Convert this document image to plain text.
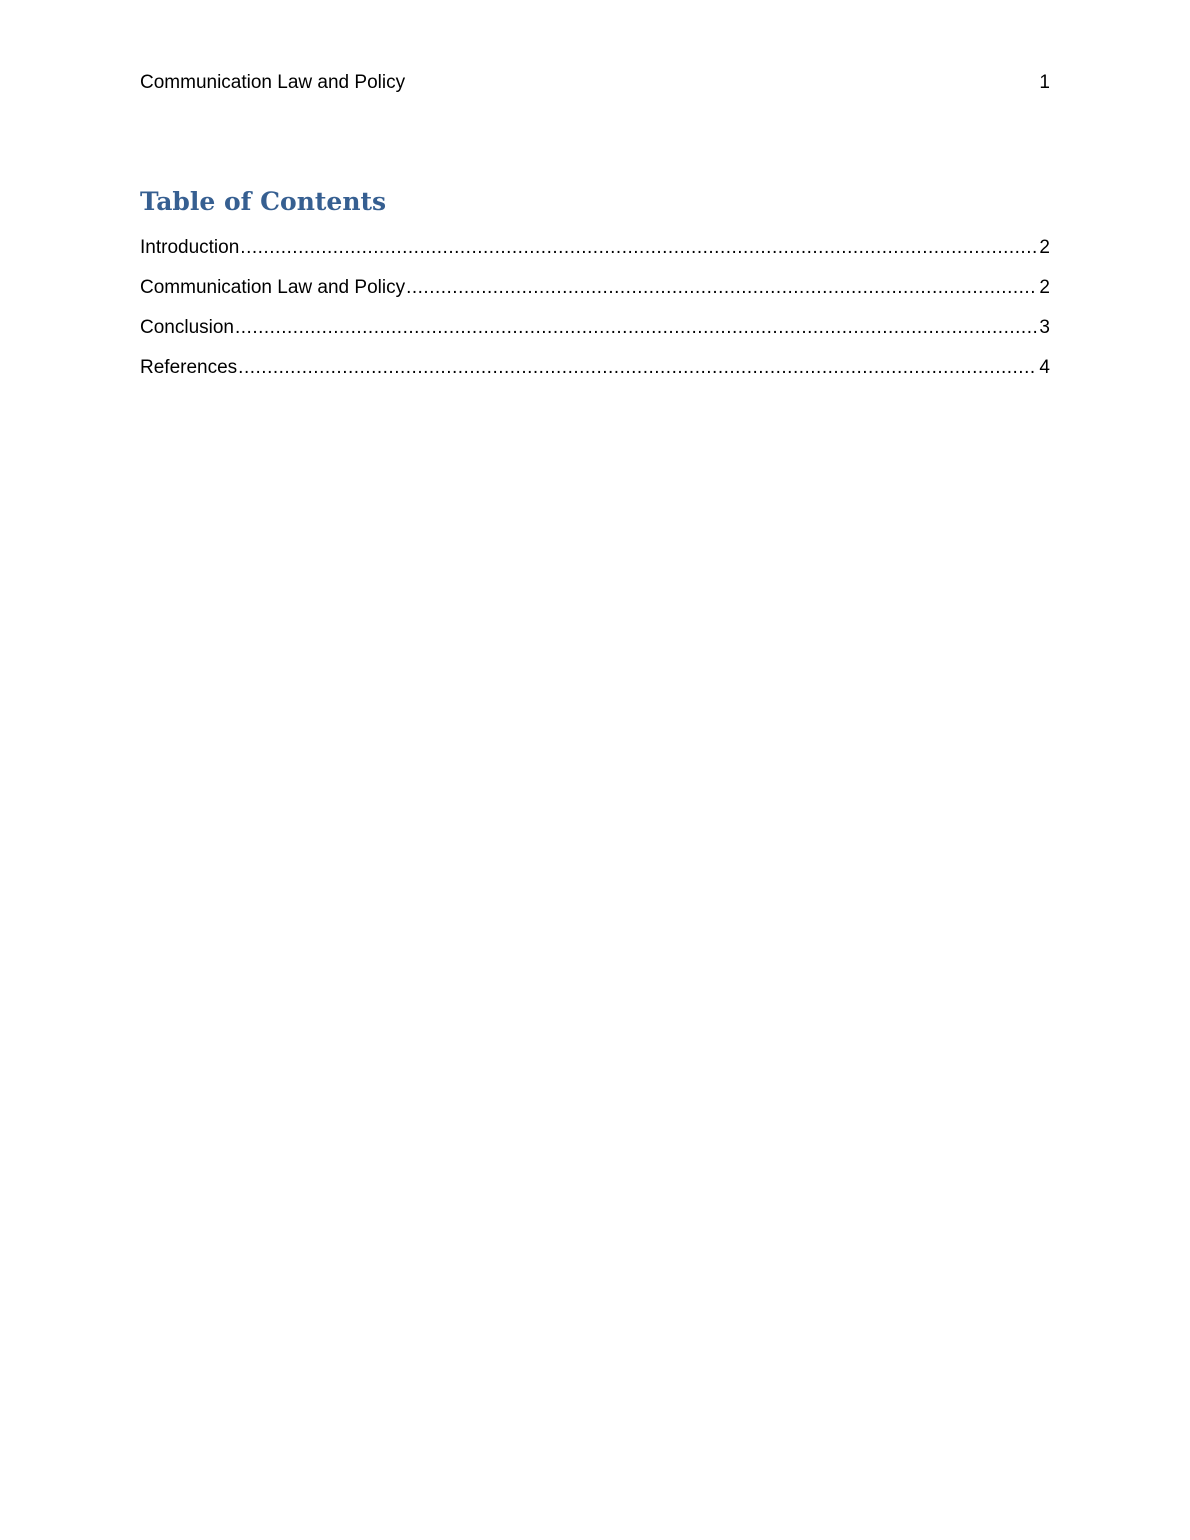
Communication Law and Policy	1
Table of Contents
Introduction .....	2
Communication Law and Policy .....	2
Conclusion .....	3
References .....	4
